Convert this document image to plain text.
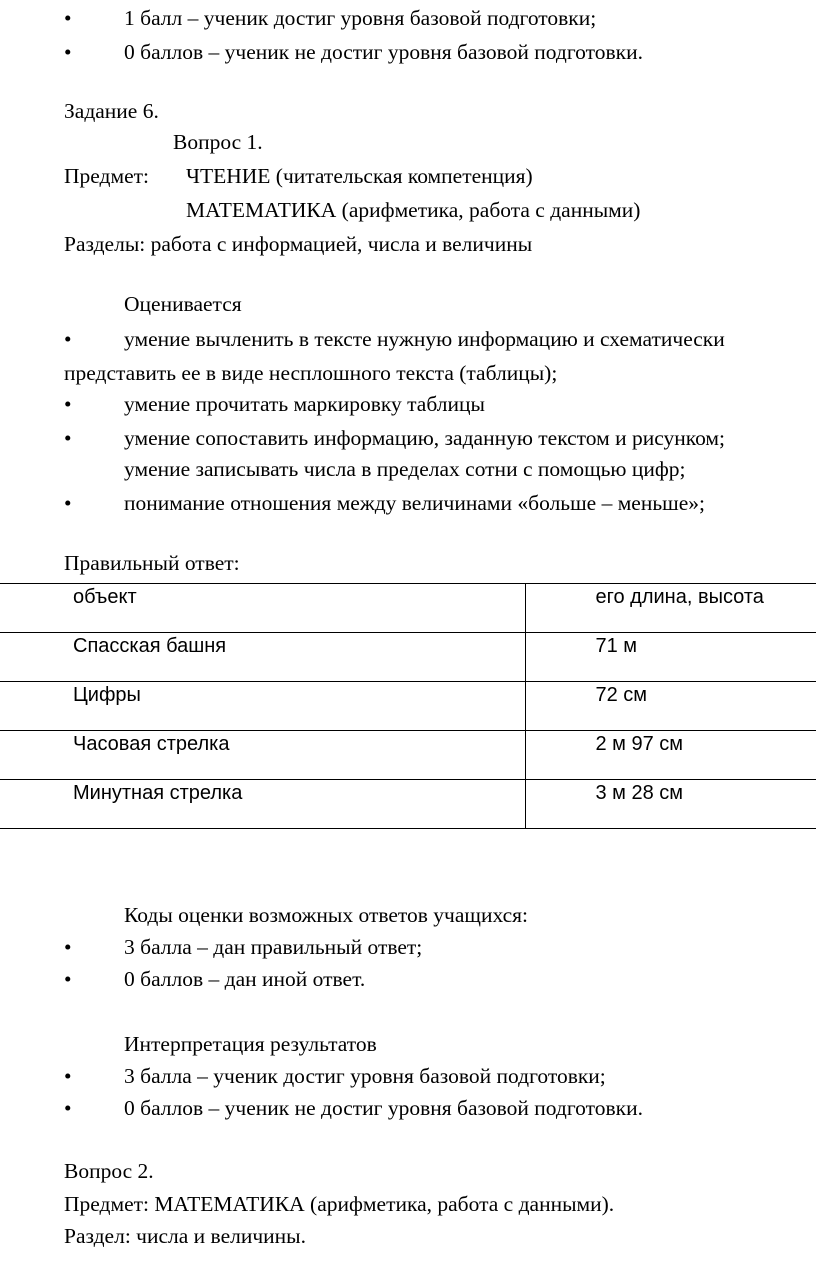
• 1 балл – ученик достиг уровня базовой подготовки;
• 0 баллов – ученик не достиг уровня базовой подготовки.
Задание 6.
Вопрос 1.
Предмет: ЧТЕНИЕ (читательская компетенция)
МАТЕМАТИКА (арифметика, работа с данными)
Разделы: работа с информацией, числа и величины
Оценивается
• умение вычленить в тексте нужную информацию и схематически
представить ее в виде несплошного текста (таблицы);
• умение прочитать маркировку таблицы
• умение сопоставить информацию, заданную текстом и рисунком;
умение записывать числа в пределах сотни с помощью цифр;
• понимание отношения между величинами «больше – меньше»;
Правильный ответ:
объект	его длина, высота
Спасская башня	71 м
Цифры	72 см
Часовая стрелка	2 м 97 см
Минутная стрелка	3 м 28 см
Коды оценки возможных ответов учащихся:
• 3 балла – дан правильный ответ;
• 0 баллов – дан иной ответ.
Интерпретация результатов
• 3 балла – ученик достиг уровня базовой подготовки;
• 0 баллов – ученик не достиг уровня базовой подготовки.
Вопрос 2.
Предмет: МАТЕМАТИКА (арифметика, работа с данными).
Раздел: числа и величины.
